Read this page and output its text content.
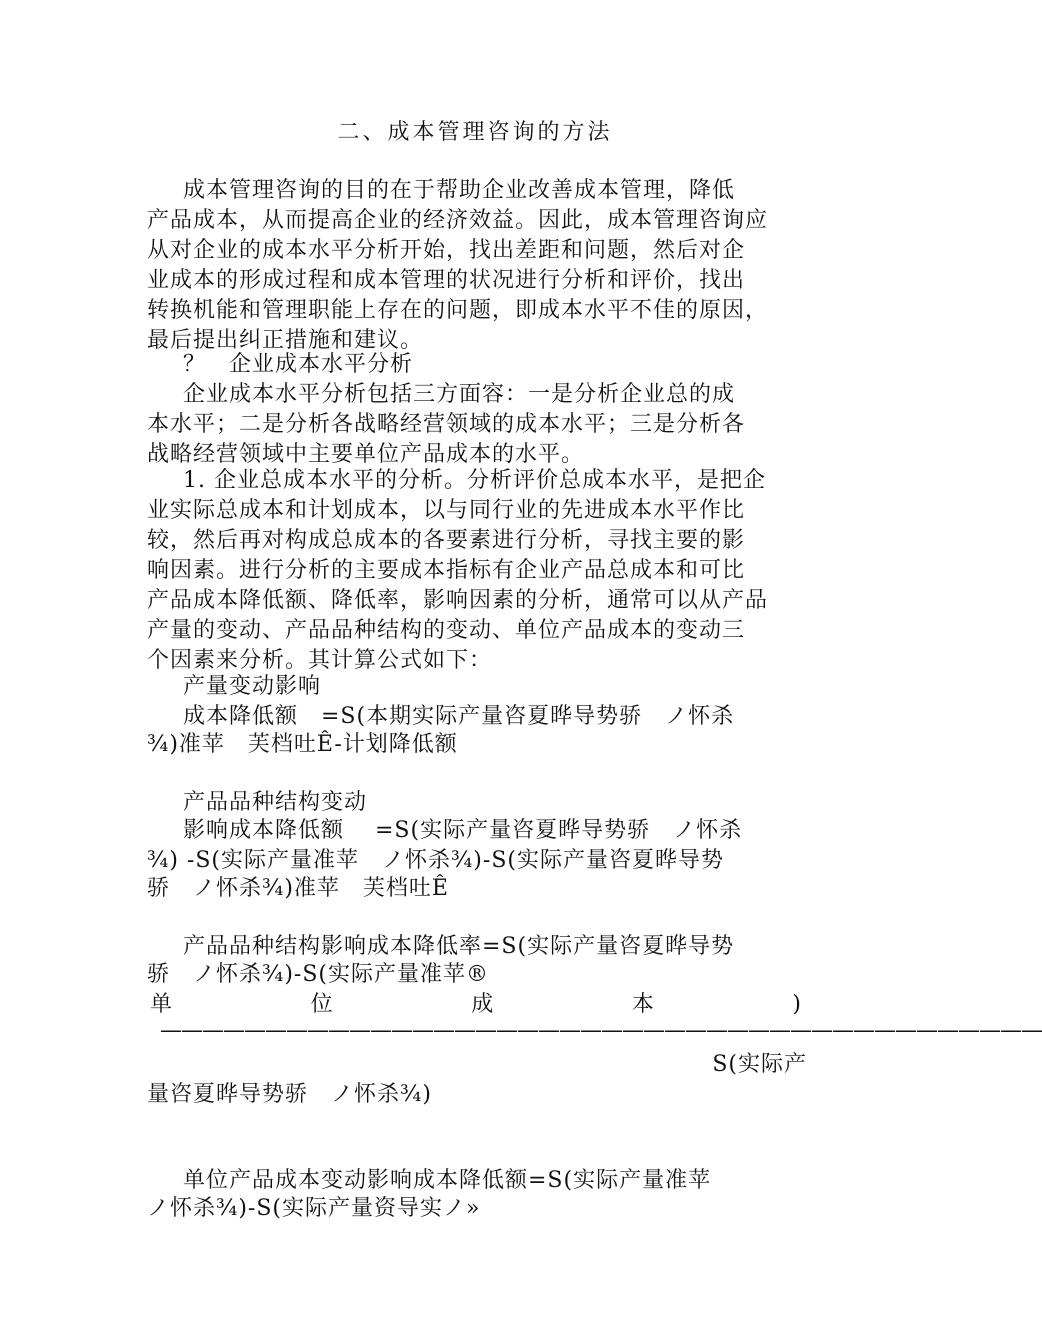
二、成本管理咨询的方法
成本管理咨询的目的在于帮助企业改善成本管理，降低
产品成本，从而提高企业的经济效益。因此，成本管理咨询应
从对企业的成本水平分析开始，找出差距和问题，然后对企
业成本的形成过程和成本管理的状况进行分析和评价，找出
转换机能和管理职能上存在的问题，即成本水平不佳的原因，
最后提出纠正措施和建议。
？　企业成本水平分析
企业成本水平分析包括三方面容：一是分析企业总的成
本水平；二是分析各战略经营领域的成本水平；三是分析各
战略经营领域中主要单位产品成本的水平。
1. 企业总成本水平的分析。分析评价总成本水平，是把企
业实际总成本和计划成本，以与同行业的先进成本水平作比
较，然后再对构成总成本的各要素进行分析，寻找主要的影
响因素。进行分析的主要成本指标有企业产品总成本和可比
产品成本降低额、降低率，影响因素的分析，通常可以从产品
产量的变动、产品品种结构的变动、单位产品成本的变动三
个因素来分析。其计算公式如下：
产量变动影响
成本降低额　=S(本期实际产量咨夏晔导势骄　ノ怀杀
¾)准苹　芙档吐Ê-计划降低额
产品品种结构变动
影响成本降低额　 =S(实际产量咨夏晔导势骄　ノ怀杀
¾) -S(实际产量准苹　ノ怀杀¾)-S(实际产量咨夏晔导势
骄　ノ怀杀¾)准苹　芙档吐Ê
产品品种结构影响成本降低率=S(实际产量咨夏晔导势
骄　ノ怀杀¾)-S(实际产量准苹®
单	位	成	本	)
——————————————————————————————————————————
S(实际产
量咨夏晔导势骄　ノ怀杀¾)
单位产品成本变动影响成本降低额=S(实际产量准苹
ノ怀杀¾)-S(实际产量资导实ノ»
